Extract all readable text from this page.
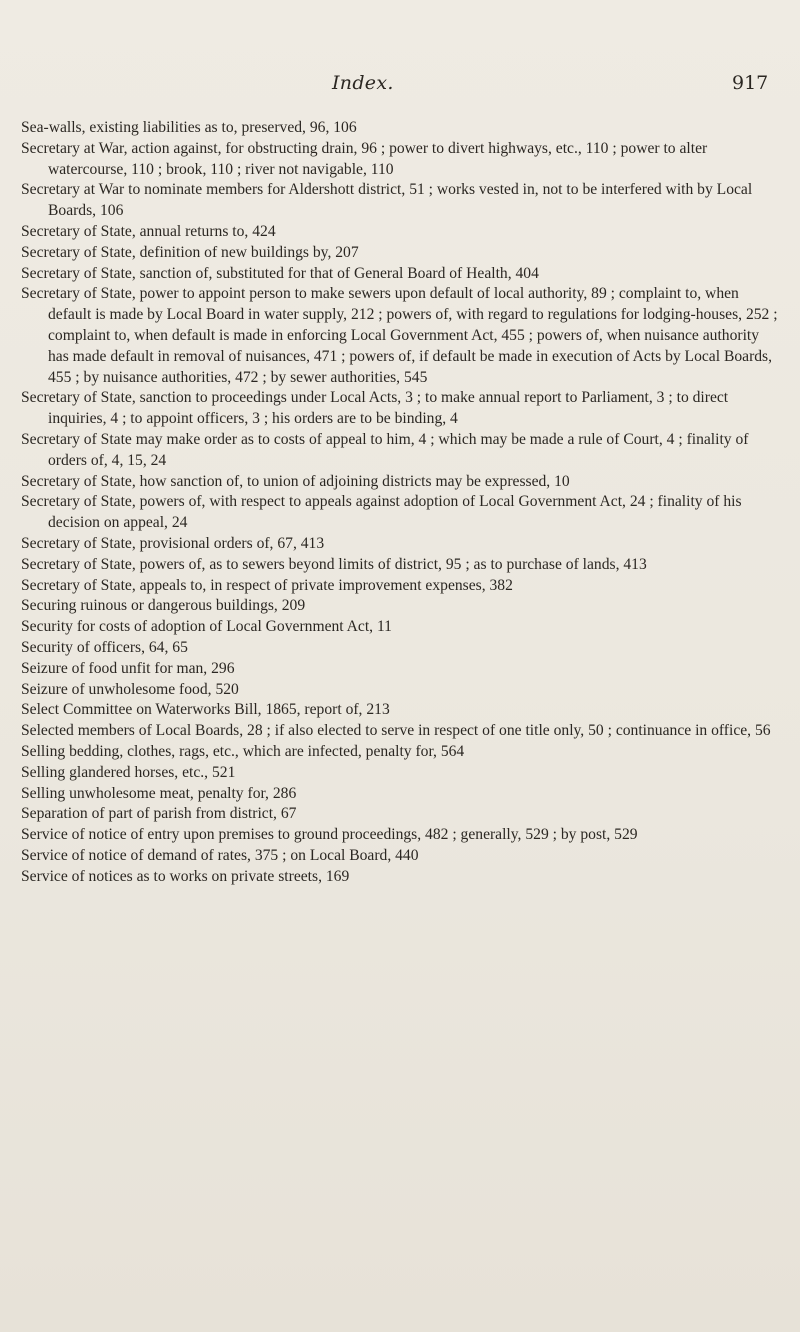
Index.	917

Sea-walls, existing liabilities as to, preserved, 96, 106

Secretary at War, action against, for obstructing drain, 96 ; power to divert highways, etc., 110 ; power to alter watercourse, 110 ; brook, 110 ; river not navigable, 110

Secretary at War to nominate members for Aldershott district, 51 ; works vested in, not to be interfered with by Local Boards, 106

Secretary of State, annual returns to, 424

Secretary of State, definition of new buildings by, 207

Secretary of State, sanction of, substituted for that of General Board of Health, 404

Secretary of State, power to appoint person to make sewers upon default of local authority, 89 ; complaint to, when default is made by Local Board in water supply, 212 ; powers of, with regard to regulations for lodging-houses, 252 ; complaint to, when default is made in enforcing Local Government Act, 455 ; powers of, when nuisance authority has made default in removal of nuisances, 471 ; powers of, if default be made in execution of Acts by Local Boards, 455 ; by nuisance authorities, 472 ; by sewer authorities, 545

Secretary of State, sanction to proceedings under Local Acts, 3 ; to make annual report to Parliament, 3 ; to direct inquiries, 4 ; to appoint officers, 3 ; his orders are to be binding, 4

Secretary of State may make order as to costs of appeal to him, 4 ; which may be made a rule of Court, 4 ; finality of orders of, 4, 15, 24

Secretary of State, how sanction of, to union of adjoining districts may be expressed, 10

Secretary of State, powers of, with respect to appeals against adoption of Local Government Act, 24 ; finality of his decision on appeal, 24

Secretary of State, provisional orders of, 67, 413

Secretary of State, powers of, as to sewers beyond limits of district, 95 ; as to purchase of lands, 413

Secretary of State, appeals to, in respect of private improvement expenses, 382

Securing ruinous or dangerous buildings, 209

Security for costs of adoption of Local Government Act, 11

Security of officers, 64, 65

Seizure of food unfit for man, 296

Seizure of unwholesome food, 520

Select Committee on Waterworks Bill, 1865, report of, 213

Selected members of Local Boards, 28 ; if also elected to serve in respect of one title only, 50 ; continuance in office, 56

Selling bedding, clothes, rags, etc., which are infected, penalty for, 564

Selling glandered horses, etc., 521

Selling unwholesome meat, penalty for, 286

Separation of part of parish from district, 67

Service of notice of entry upon premises to ground proceedings, 482 ; generally, 529 ; by post, 529

Service of notice of demand of rates, 375 ; on Local Board, 440

Service of notices as to works on private streets, 169
